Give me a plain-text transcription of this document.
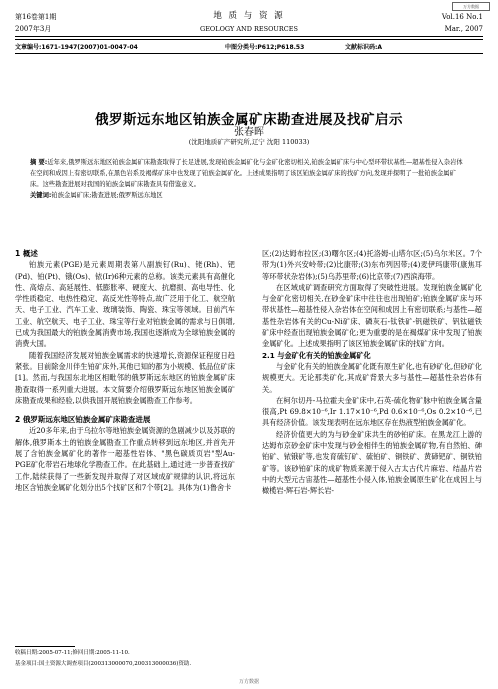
万方数据
第16卷第1期
2007年3月
地 质 与 资 源
GEOLOGY AND RESOURCES
Vol.16 No.1
Mar., 2007
文章编号:1671-1947(2007)01-0047-04	中图分类号:P612;P618.53	文献标识码:A
俄罗斯远东地区铂族金属矿床勘查进展及找矿启示
张春晖
(沈阳地质矿产研究所,辽宁 沈阳 110033)
摘 要:近年来,俄罗斯远东地区铂族金属矿床勘查取得了长足进展,发现铂族金属矿化与金矿化密切相关,铂族金属矿床与中心型环带状基性—超基性侵入杂岩体在空间和成因上有密切联系,在黑色岩系及褐煤矿床中也发现了铂族金属矿化。上述成果指明了该区铂族金属矿床的找矿方向,发现并探明了一批铂族金属矿床。这些勘查进展对我国的铂族金属矿床勘查具有借鉴意义。
关键词:铂族金属矿床;勘查进展;俄罗斯远东地区

1 概述

铂族元素(PGE)是元素周期表第八副族钌(Ru)、铑(Rh)、钯(Pd)、铂(Pt)、锇(Os)、铱(Ir)6种元素的总称。该类元素具有高催化性、高熔点、高延展性、低膨胀率、硬度大、抗磨损、高电导性、化学性质稳定、电热性稳定、高反光性等特点,故广泛用于化工、航空航天、电子工业、汽车工业、玻璃装饰、陶瓷、珠宝等领域。目前汽车工业、航空航天、电子工业、珠宝等行业对铂族金属的需求与日俱增,已成为我国最大的铂族金属消费市场,我国也逐渐成为全球铂族金属的消费大国。

随着我国经济发展对铂族金属需求的快速增长,资源保证程度日趋紧张。目前除金川伴生铂矿床外,其他已知的都为小规模、低品位矿床[1]。然而,与我国东北地区相毗邻的俄罗斯远东地区的铂族金属矿床勘查取得一系列重大进展。本文简要介绍俄罗斯远东地区铂族金属矿床勘查成果和经验,以供我国开展铂族金属勘查工作参考。

2 俄罗斯远东地区铂族金属矿床勘查进展

近20多年来,由于乌拉尔等地铂族金属资源的急剧减少以及苏联的解体,俄罗斯本土的铂族金属勘查工作重点转移到远东地区,并首先开展了含铂族金属矿化的著作一超基性岩体、"黑色碳质页岩"型Au-PGE矿化带岩石地球化学勘查工作。在此基础上,通过进一步普查找矿工作,陆续获得了一些新发现并取得了对区域成矿规律的认识,将远东地区含铂族金属矿化划分出5个找矿区和7个带[2]。具体为(1)鲁舍卡

区;(2)达姆布拉区;(3)曙尔区;(4)托洛姆-山塔尔区;(5)乌尔米区。7个带为(1)外兴安岭带;(2)比康带;(3)东布列因带;(4)麦伊玛康带(康焦耳等环带状杂岩体);(5)乌苏里带;(6)比京带;(7)西滨海带。

在区域成矿调查研究方面取得了突破性进展。发现铂族金属矿化与金矿化密切相关,在砂金矿床中往往也出现铂矿;铂族金属矿床与环带状基性—超基性侵入杂岩体在空间和成因上有密切联系;与基性—超基性杂岩体有关的Cu-Ni矿床、磷灰石-钛铁矿-钒磁铁矿、钒钛磁铁矿床中经查出现铂族金属矿化;更为重要的是在褐煤矿床中发现了铂族金属矿化。上述成果指明了该区铂族金属矿床的找矿方向。

2.1 与金矿化有关的铂族金属矿化

与金矿化有关的铂族金属矿化既有原生矿化,也有砂矿化,但砂矿化规模更大。无论那类矿化,其成矿背景大多与基性—超基性杂岩体有关。

在柯尔切丹-马拉霍夫金矿床中,石英-硫化物矿脉中铂族金属含量很高,Pt 69.8×10⁻⁶,Ir 1.17×10⁻⁶,Pd 0.6×10⁻⁶,Os 0.2×10⁻⁶,已具有经济价值。该发现表明在远东地区存在热液型铂族金属矿化。

经济价值更大的为与砂金矿床共生的砂铂矿床。在黑龙江上游的达姆布京砂金矿床中发现与砂金相伴生的铂族金属矿物,有自然铂、砷铂矿、铱锇矿等,也发育硫钌矿、硫铂矿、铜铁矿、黄碲钯矿、铜铁铂矿等。该砂铂矿床的成矿物质来源于侵入古太古代片麻岩、结晶片岩中的大型元古宙基性—超基性小侵入体,铂族金属原生矿化在成因上与橄榄岩-辉石岩-辉长岩-

收稿日期:2005-07-11;修回日期:2005-11-10.
基金项目:国土资源大调查项目(200313000070,200313000036)资助.
万方数据
